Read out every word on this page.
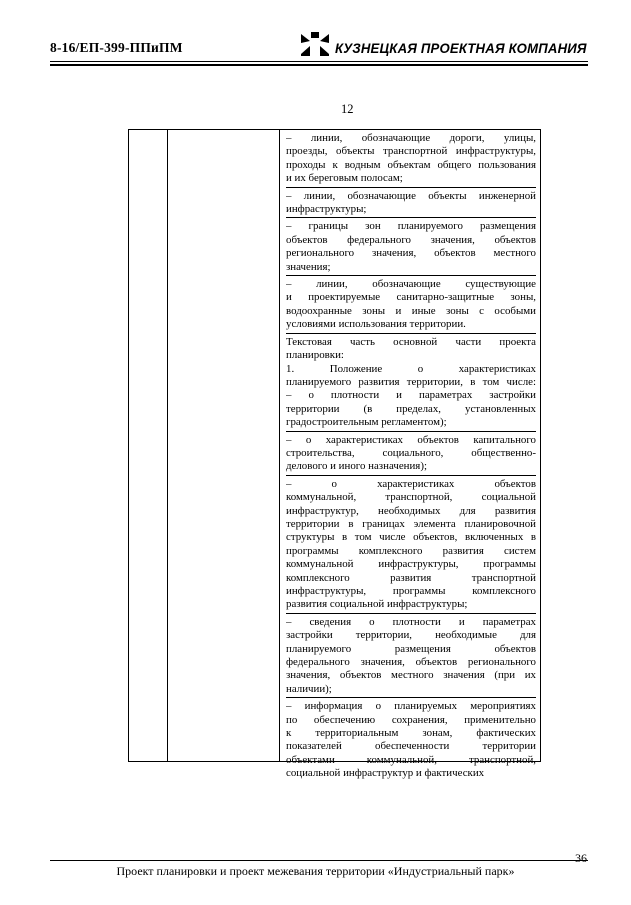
8-16/ЕП-399-ППиПМ	КУЗНЕЦКАЯ ПРОЕКТНАЯ КОМПАНИЯ
12
– линии, обозначающие дороги, улицы,
проезды, объекты транспортной инфраструктуры,
проходы к водным объектам общего пользования
и их береговым полосам;
– линии, обозначающие объекты инженерной
инфраструктуры;
– границы зон планируемого размещения
объектов федерального значения, объектов
регионального значения, объектов местного
значения;
– линии, обозначающие существующие
и проектируемые санитарно-защитные зоны,
водоохранные зоны и иные зоны с особыми
условиями использования территории.
Текстовая часть основной части проекта
планировки:
1. Положение о характеристиках
планируемого развития территории, в том числе:
– о плотности и параметрах застройки
территории (в пределах, установленных
градостроительным регламентом);
– о характеристиках объектов капитального
строительства, социального, общественно-
делового и иного назначения);
– о характеристиках объектов
коммунальной, транспортной, социальной
инфраструктур, необходимых для развития
территории в границах элемента планировочной
структуры в том числе объектов, включенных в
программы комплексного развития систем
коммунальной инфраструктуры, программы
комплексного развития транспортной
инфраструктуры, программы комплексного
развития социальной инфраструктуры;
– сведения о плотности и параметрах
застройки территории, необходимые для
планируемого размещения объектов
федерального значения, объектов регионального
значения, объектов местного значения (при их
наличии);
– информация о планируемых мероприятиях
по обеспечению сохранения, применительно
к территориальным зонам, фактических
показателей обеспеченности территории
объектами коммунальной, транспортной,
социальной инфраструктур и фактических
36
Проект планировки и проект межевания территории «Индустриальный парк»
